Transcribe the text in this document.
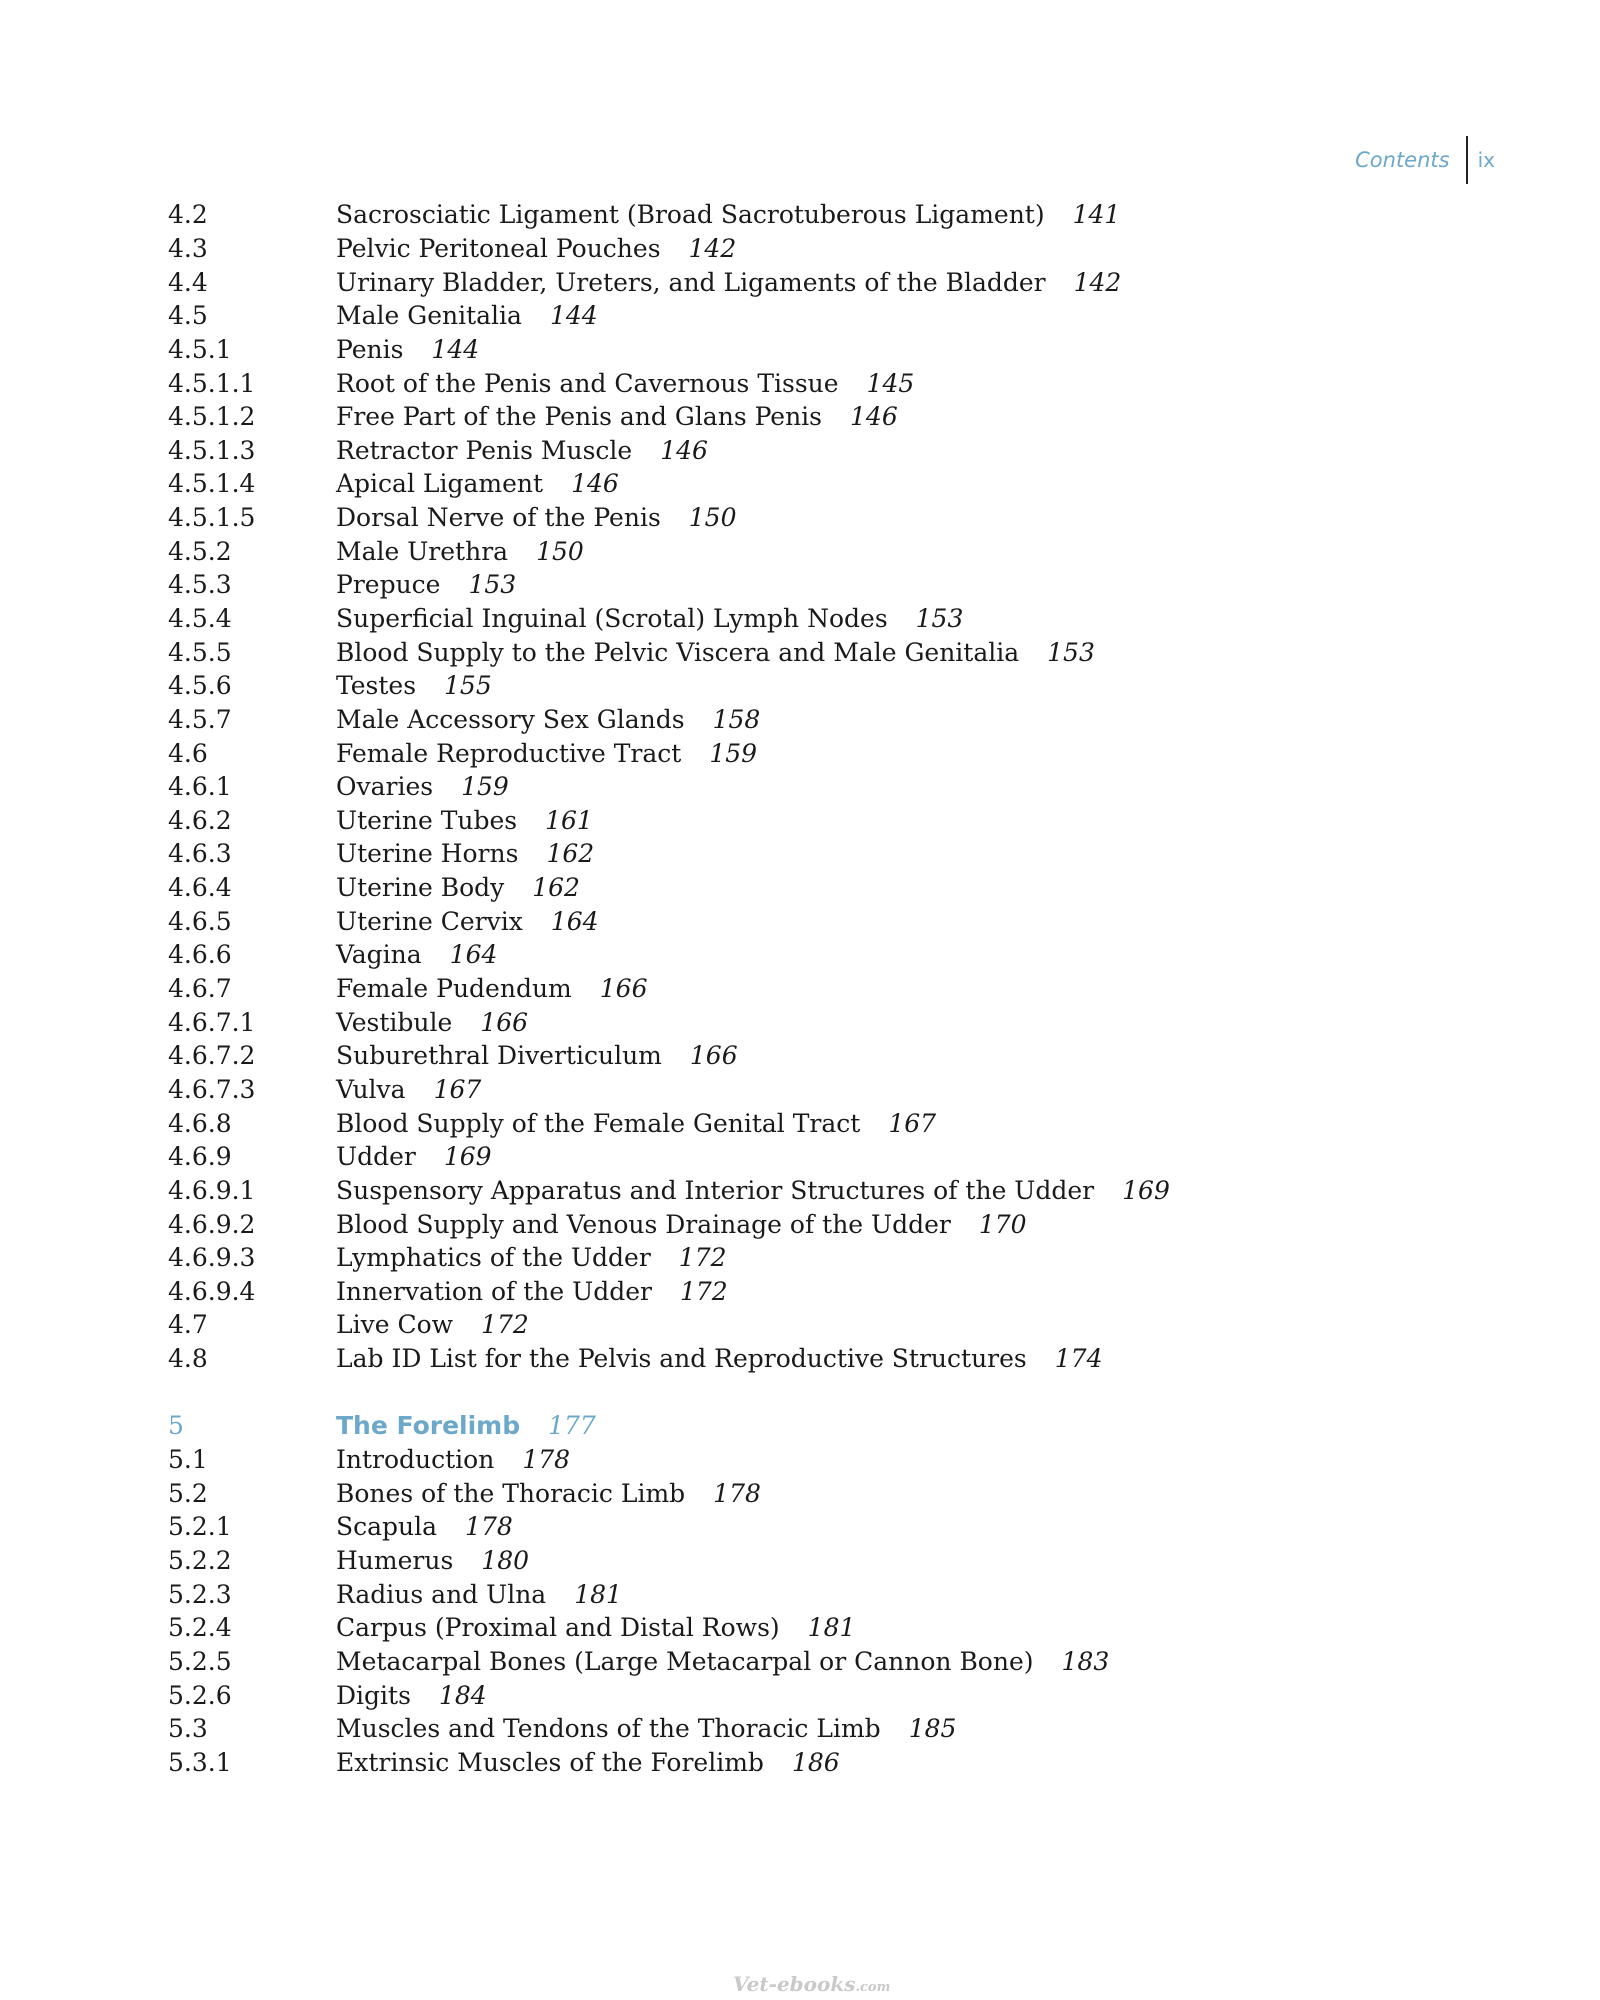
Contents ix
4.2	Sacrosciatic Ligament (Broad Sacrotuberous Ligament) 141
4.3	Pelvic Peritoneal Pouches 142
4.4	Urinary Bladder, Ureters, and Ligaments of the Bladder 142
4.5	Male Genitalia 144
4.5.1	Penis 144
4.5.1.1	Root of the Penis and Cavernous Tissue 145
4.5.1.2	Free Part of the Penis and Glans Penis 146
4.5.1.3	Retractor Penis Muscle 146
4.5.1.4	Apical Ligament 146
4.5.1.5	Dorsal Nerve of the Penis 150
4.5.2	Male Urethra 150
4.5.3	Prepuce 153
4.5.4	Superficial Inguinal (Scrotal) Lymph Nodes 153
4.5.5	Blood Supply to the Pelvic Viscera and Male Genitalia 153
4.5.6	Testes 155
4.5.7	Male Accessory Sex Glands 158
4.6	Female Reproductive Tract 159
4.6.1	Ovaries 159
4.6.2	Uterine Tubes 161
4.6.3	Uterine Horns 162
4.6.4	Uterine Body 162
4.6.5	Uterine Cervix 164
4.6.6	Vagina 164
4.6.7	Female Pudendum 166
4.6.7.1	Vestibule 166
4.6.7.2	Suburethral Diverticulum 166
4.6.7.3	Vulva 167
4.6.8	Blood Supply of the Female Genital Tract 167
4.6.9	Udder 169
4.6.9.1	Suspensory Apparatus and Interior Structures of the Udder 169
4.6.9.2	Blood Supply and Venous Drainage of the Udder 170
4.6.9.3	Lymphatics of the Udder 172
4.6.9.4	Innervation of the Udder 172
4.7	Live Cow 172
4.8	Lab ID List for the Pelvis and Reproductive Structures 174
5	The Forelimb 177
5.1	Introduction 178
5.2	Bones of the Thoracic Limb 178
5.2.1	Scapula 178
5.2.2	Humerus 180
5.2.3	Radius and Ulna 181
5.2.4	Carpus (Proximal and Distal Rows) 181
5.2.5	Metacarpal Bones (Large Metacarpal or Cannon Bone) 183
5.2.6	Digits 184
5.3	Muscles and Tendons of the Thoracic Limb 185
5.3.1	Extrinsic Muscles of the Forelimb 186
Vet-ebooks.com
